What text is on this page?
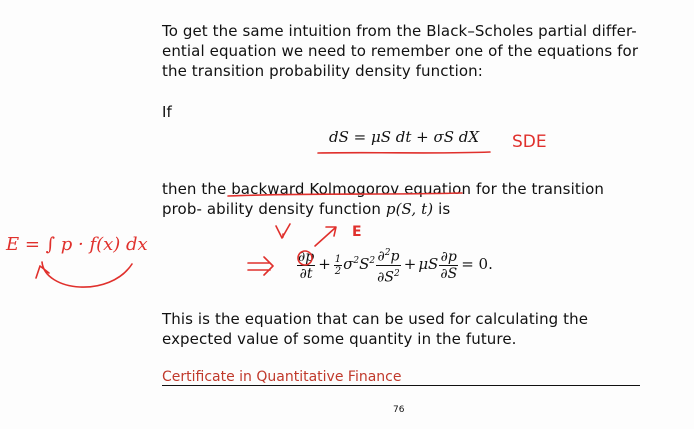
To get the same intuition from the Black–Scholes partial differ- ential equation we need to remember one of the equations for the transition probability density function:
If
dS = μS dt + σS dX
then the backward Kolmogorov equation for the transition prob- ability density function p(S, t) is
$\frac{\partial p}{\partial t} + \frac{1}{2} \sigma^2S^2 \frac{\partial^2p}{\partial S^2} + \mu S \frac{\partial p}{\partial S} = 0$.
This is the equation that can be used for calculating the expected value of some quantity in the future.
Certificate in Quantitative Finance
76
SDE
E
E = ∫ p · f(x) dx
